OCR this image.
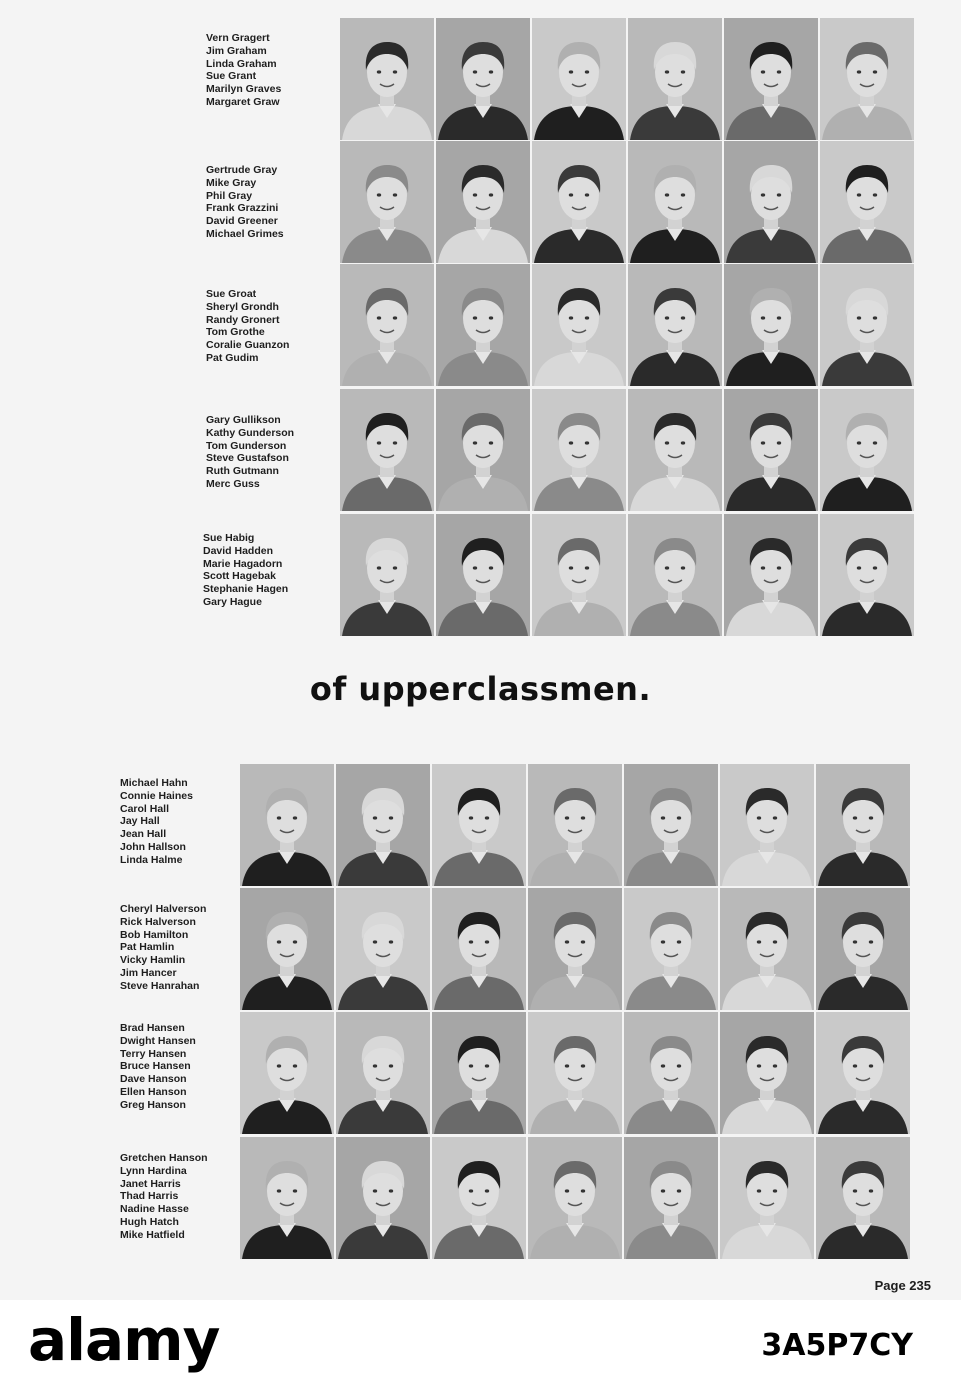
Vern Gragert
Jim Graham
Linda Graham
Sue Grant
Marilyn Graves
Margaret Graw
Gertrude Gray
Mike Gray
Phil Gray
Frank Grazzini
David Greener
Michael Grimes
Sue Groat
Sheryl Grondh
Randy Gronert
Tom Grothe
Coralie Guanzon
Pat Gudim
Gary Gullikson
Kathy Gunderson
Tom Gunderson
Steve Gustafson
Ruth Gutmann
Merc Guss
Sue Habig
David Hadden
Marie Hagadorn
Scott Hagebak
Stephanie Hagen
Gary Hague
of upperclassmen.
Michael Hahn
Connie Haines
Carol Hall
Jay Hall
Jean Hall
John Hallson
Linda Halme
Cheryl Halverson
Rick Halverson
Bob Hamilton
Pat Hamlin
Vicky Hamlin
Jim Hancer
Steve Hanrahan
Brad Hansen
Dwight Hansen
Terry Hansen
Bruce Hansen
Dave Hanson
Ellen Hanson
Greg Hanson
Gretchen Hanson
Lynn Hardina
Janet Harris
Thad Harris
Nadine Hasse
Hugh Hatch
Mike Hatfield
Page 235
alamy	3A5P7CY
